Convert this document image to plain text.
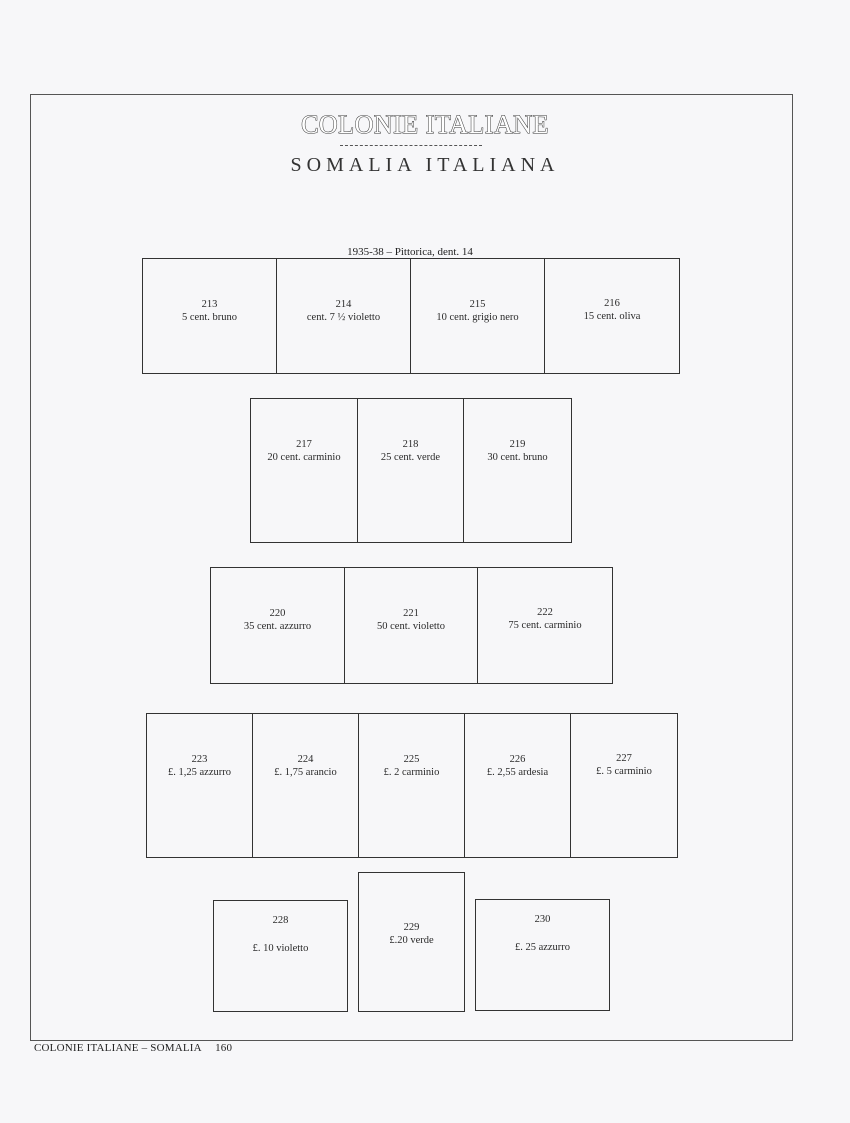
COLONIE ITALIANE
SOMALIA ITALIANA
1935-38 – Pittorica, dent. 14
213
5 cent. bruno
214
cent. 7 ½ violetto
215
10 cent. grigio nero
216
15 cent. oliva
217
20 cent. carminio
218
25 cent. verde
219
30 cent. bruno
220
35 cent. azzurro
221
50 cent. violetto
222
75 cent. carminio
223
£. 1,25 azzurro
224
£. 1,75 arancio
225
£. 2 carminio
226
£. 2,55 ardesia
227
£. 5 carminio
228
£. 10 violetto
229
£.20 verde
230
£. 25 azzurro
COLONIE ITALIANE – SOMALIA 160
